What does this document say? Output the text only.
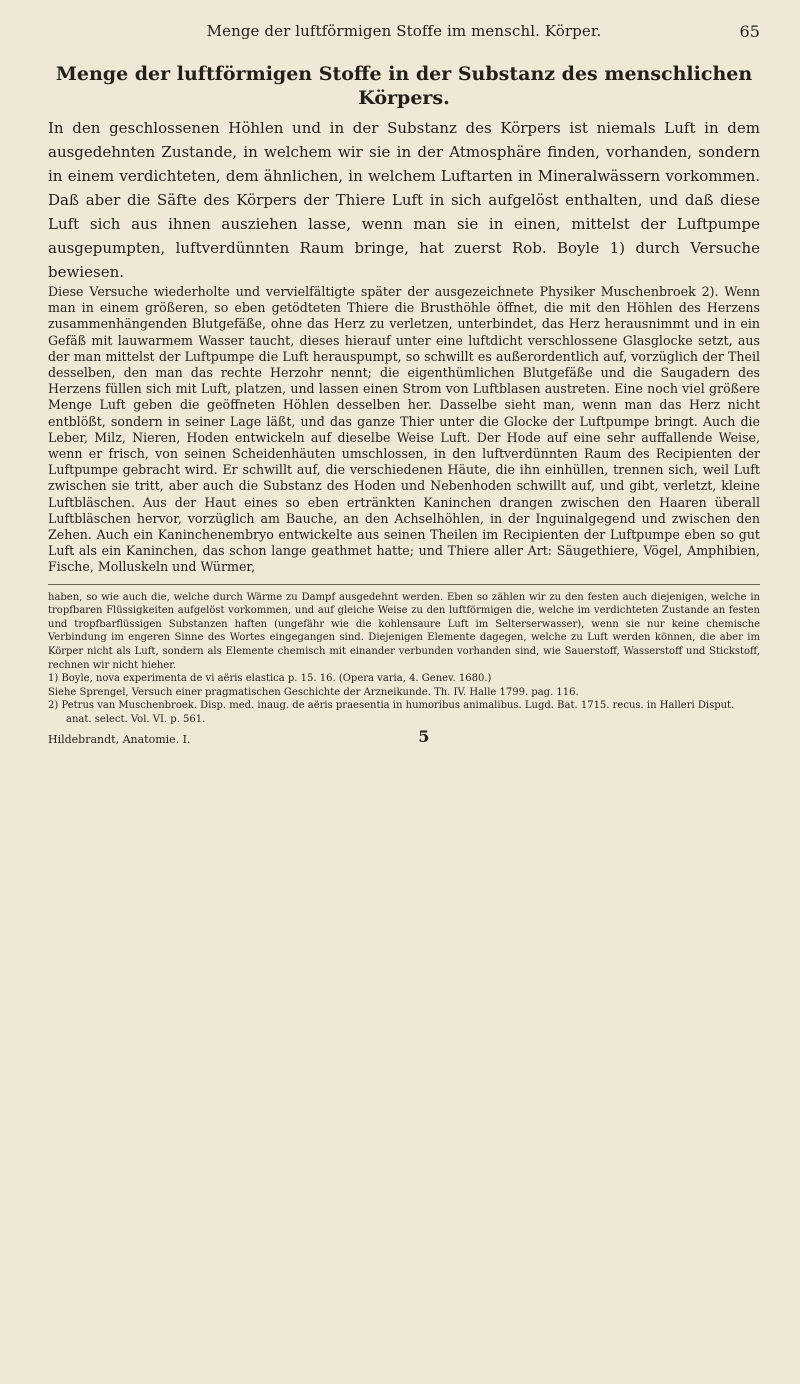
Menge der luftförmigen Stoffe im menschl. Körper.	65
Menge der luftförmigen Stoffe in der Substanz des menschlichen Körpers.

In den geschlossenen Höhlen und in der Substanz des Körpers ist niemals Luft in dem ausgedehnten Zustande, in welchem wir sie in der Atmosphäre finden, vorhanden, sondern in einem verdichteten, dem ähnlichen, in welchem Luftarten in Mineralwässern vorkommen. Daß aber die Säfte des Körpers der Thiere Luft in sich aufgelöst enthalten, und daß diese Luft sich aus ihnen ausziehen lasse, wenn man sie in einen, mittelst der Luftpumpe ausgepumpten, luftverdünnten Raum bringe, hat zuerst Rob. Boyle 1) durch Versuche bewiesen.

Diese Versuche wiederholte und vervielfältigte später der ausgezeichnete Physiker Muschenbroek 2). Wenn man in einem größeren, so eben getödteten Thiere die Brusthöhle öffnet, die mit den Höhlen des Herzens zusammenhängenden Blutgefäße, ohne das Herz zu verletzen, unterbindet, das Herz herausnimmt und in ein Gefäß mit lauwarmem Wasser taucht, dieses hierauf unter eine luftdicht verschlossene Glasglocke setzt, aus der man mittelst der Luftpumpe die Luft herauspumpt, so schwillt es außerordentlich auf, vorzüglich der Theil desselben, den man das rechte Herzohr nennt; die eigenthümlichen Blutgefäße und die Saugadern des Herzens füllen sich mit Luft, platzen, und lassen einen Strom von Luftblasen austreten. Eine noch viel größere Menge Luft geben die geöffneten Höhlen desselben her. Dasselbe sieht man, wenn man das Herz nicht entblößt, sondern in seiner Lage läßt, und das ganze Thier unter die Glocke der Luftpumpe bringt. Auch die Leber, Milz, Nieren, Hoden entwickeln auf dieselbe Weise Luft. Der Hode auf eine sehr auffallende Weise, wenn er frisch, von seinen Scheidenhäuten umschlossen, in den luftverdünnten Raum des Recipienten der Luftpumpe gebracht wird. Er schwillt auf, die verschiedenen Häute, die ihn einhüllen, trennen sich, weil Luft zwischen sie tritt, aber auch die Substanz des Hoden und Nebenhoden schwillt auf, und gibt, verletzt, kleine Luftbläschen. Aus der Haut eines so eben ertränkten Kaninchen drangen zwischen den Haaren überall Luftbläschen hervor, vorzüglich am Bauche, an den Achselhöhlen, in der Inguinalgegend und zwischen den Zehen. Auch ein Kaninchenembryo entwickelte aus seinen Theilen im Recipienten der Luftpumpe eben so gut Luft als ein Kaninchen, das schon lange geathmet hatte; und Thiere aller Art: Säugethiere, Vögel, Amphibien, Fische, Molluskeln und Würmer,

haben, so wie auch die, welche durch Wärme zu Dampf ausgedehnt werden. Eben so zählen wir zu den festen auch diejenigen, welche in tropfbaren Flüssigkeiten aufgelöst vorkommen, und auf gleiche Weise zu den luftförmigen die, welche im verdichteten Zustande an festen und tropfbarflüssigen Substanzen haften (ungefähr wie die kohlensaure Luft im Selterserwasser), wenn sie nur keine chemische Verbindung im engeren Sinne des Wortes eingegangen sind. Diejenigen Elemente dagegen, welche zu Luft werden können, die aber im Körper nicht als Luft, sondern als Elemente chemisch mit einander verbunden vorhanden sind, wie Sauerstoff, Wasserstoff und Stickstoff, rechnen wir nicht hieher.

1) Boyle, nova experimenta de vi aëris elastica p. 15. 16. (Opera varia, 4. Genev. 1680.)

Siehe Sprengel, Versuch einer pragmatischen Geschichte der Arzneikunde. Th. IV. Halle 1799. pag. 116.

2) Petrus van Muschenbroek. Disp. med. inaug. de aëris praesentia in humoribus animalibus. Lugd. Bat. 1715. recus. in Halleri Disput. anat. select. Vol. VI. p. 561.

Hildebrandt, Anatomie. I.	5
